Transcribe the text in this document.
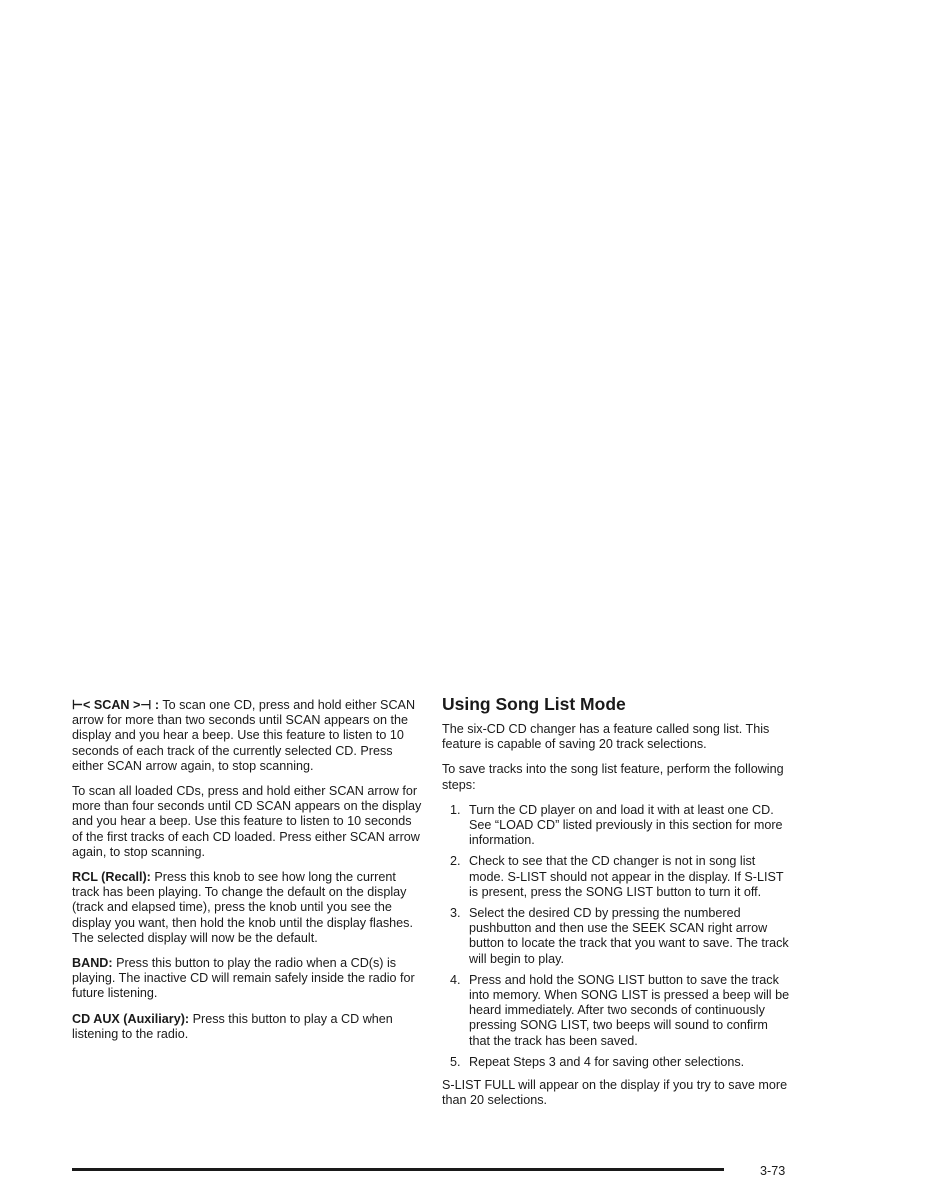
⊢< SCAN >⊣ : To scan one CD, press and hold either SCAN arrow for more than two seconds until SCAN appears on the display and you hear a beep. Use this feature to listen to 10 seconds of each track of the currently selected CD. Press either SCAN arrow again, to stop scanning.

To scan all loaded CDs, press and hold either SCAN arrow for more than four seconds until CD SCAN appears on the display and you hear a beep. Use this feature to listen to 10 seconds of the first tracks of each CD loaded. Press either SCAN arrow again, to stop scanning.

RCL (Recall): Press this knob to see how long the current track has been playing. To change the default on the display (track and elapsed time), press the knob until you see the display you want, then hold the knob until the display flashes. The selected display will now be the default.

BAND: Press this button to play the radio when a CD(s) is playing. The inactive CD will remain safely inside the radio for future listening.

CD AUX (Auxiliary): Press this button to play a CD when listening to the radio.

Using Song List Mode

The six-CD CD changer has a feature called song list. This feature is capable of saving 20 track selections.

To save tracks into the song list feature, perform the following steps:

1. Turn the CD player on and load it with at least one CD. See “LOAD CD” listed previously in this section for more information.
2. Check to see that the CD changer is not in song list mode. S-LIST should not appear in the display. If S-LIST is present, press the SONG LIST button to turn it off.
3. Select the desired CD by pressing the numbered pushbutton and then use the SEEK SCAN right arrow button to locate the track that you want to save. The track will begin to play.
4. Press and hold the SONG LIST button to save the track into memory. When SONG LIST is pressed a beep will be heard immediately. After two seconds of continuously pressing SONG LIST, two beeps will sound to confirm that the track has been saved.
5. Repeat Steps 3 and 4 for saving other selections.

S-LIST FULL will appear on the display if you try to save more than 20 selections.

3-73
